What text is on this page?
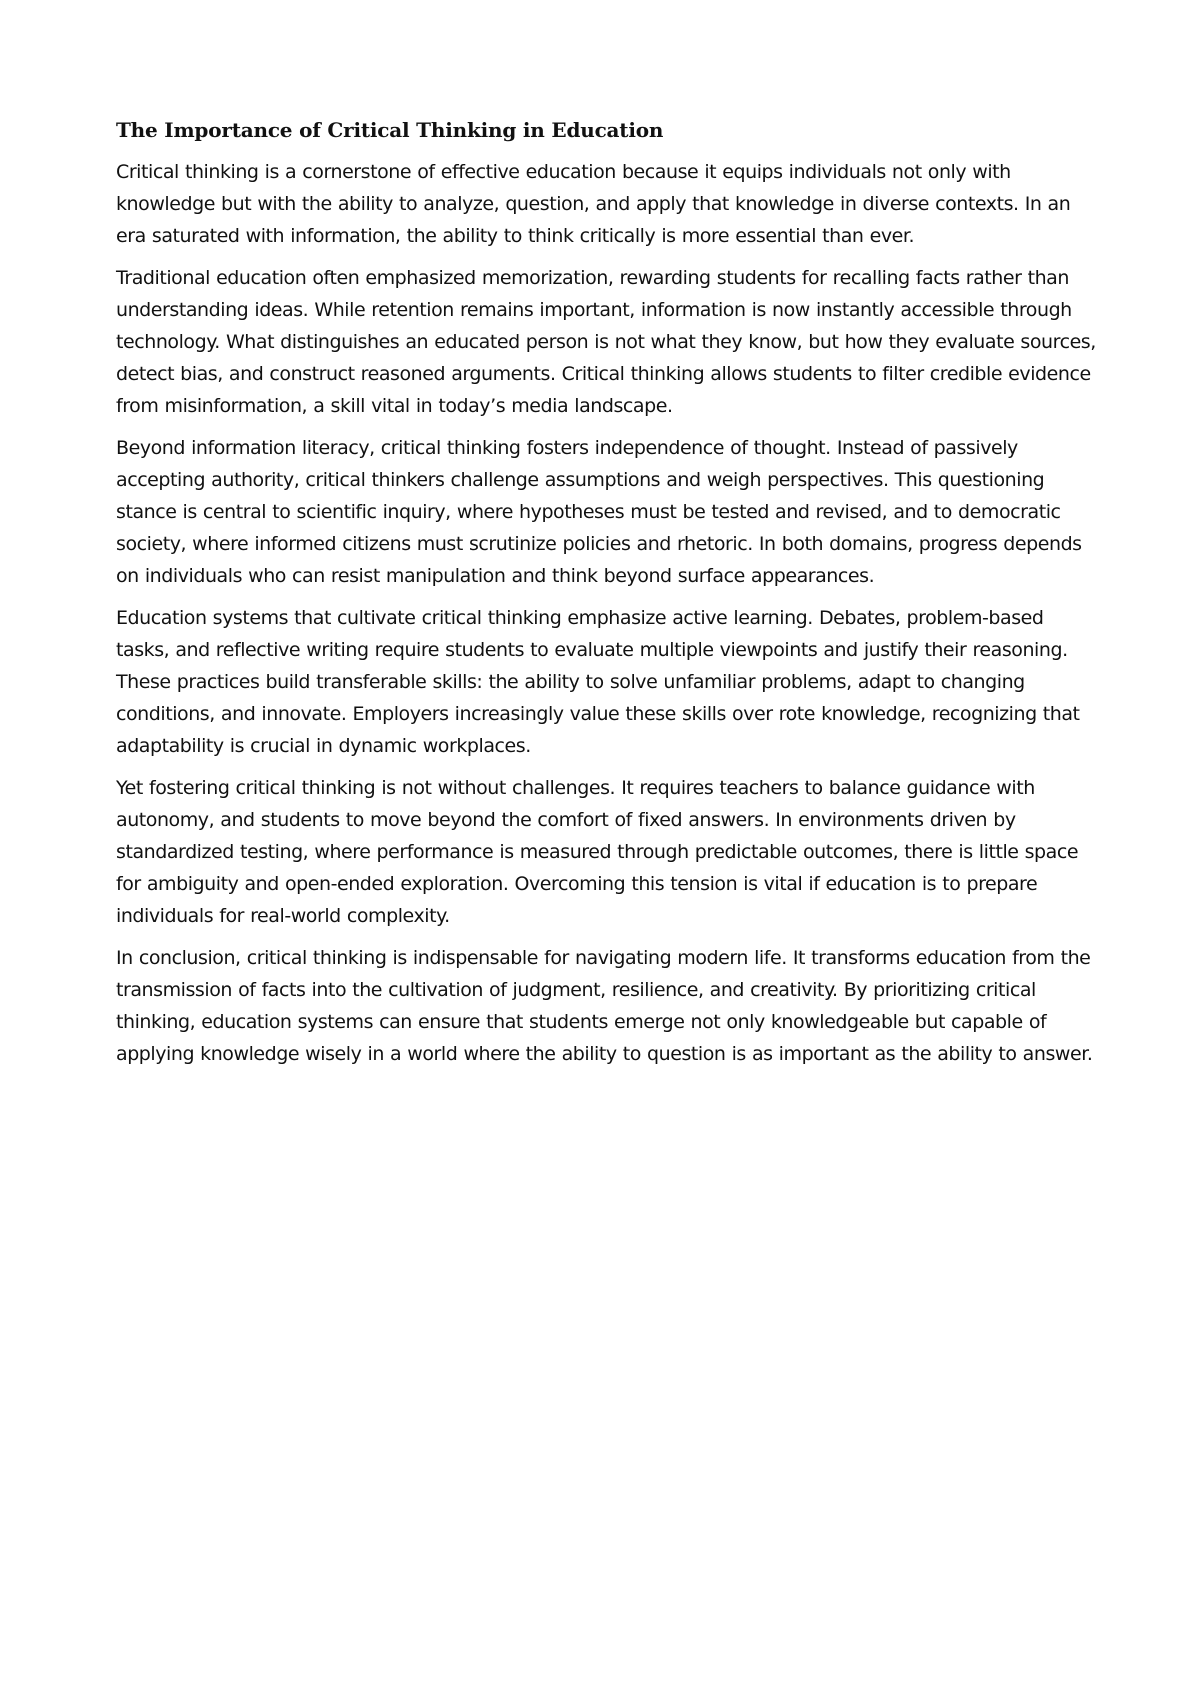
The Importance of Critical Thinking in Education

Critical thinking is a cornerstone of effective education because it equips individuals not only with knowledge but with the ability to analyze, question, and apply that knowledge in diverse contexts. In an era saturated with information, the ability to think critically is more essential than ever.

Traditional education often emphasized memorization, rewarding students for recalling facts rather than understanding ideas. While retention remains important, information is now instantly accessible through technology. What distinguishes an educated person is not what they know, but how they evaluate sources, detect bias, and construct reasoned arguments. Critical thinking allows students to filter credible evidence from misinformation, a skill vital in today’s media landscape.

Beyond information literacy, critical thinking fosters independence of thought. Instead of passively accepting authority, critical thinkers challenge assumptions and weigh perspectives. This questioning stance is central to scientific inquiry, where hypotheses must be tested and revised, and to democratic society, where informed citizens must scrutinize policies and rhetoric. In both domains, progress depends on individuals who can resist manipulation and think beyond surface appearances.

Education systems that cultivate critical thinking emphasize active learning. Debates, problem-based tasks, and reflective writing require students to evaluate multiple viewpoints and justify their reasoning. These practices build transferable skills: the ability to solve unfamiliar problems, adapt to changing conditions, and innovate. Employers increasingly value these skills over rote knowledge, recognizing that adaptability is crucial in dynamic workplaces.

Yet fostering critical thinking is not without challenges. It requires teachers to balance guidance with autonomy, and students to move beyond the comfort of fixed answers. In environments driven by standardized testing, where performance is measured through predictable outcomes, there is little space for ambiguity and open-ended exploration. Overcoming this tension is vital if education is to prepare individuals for real-world complexity.

In conclusion, critical thinking is indispensable for navigating modern life. It transforms education from the transmission of facts into the cultivation of judgment, resilience, and creativity. By prioritizing critical thinking, education systems can ensure that students emerge not only knowledgeable but capable of applying knowledge wisely in a world where the ability to question is as important as the ability to answer.
